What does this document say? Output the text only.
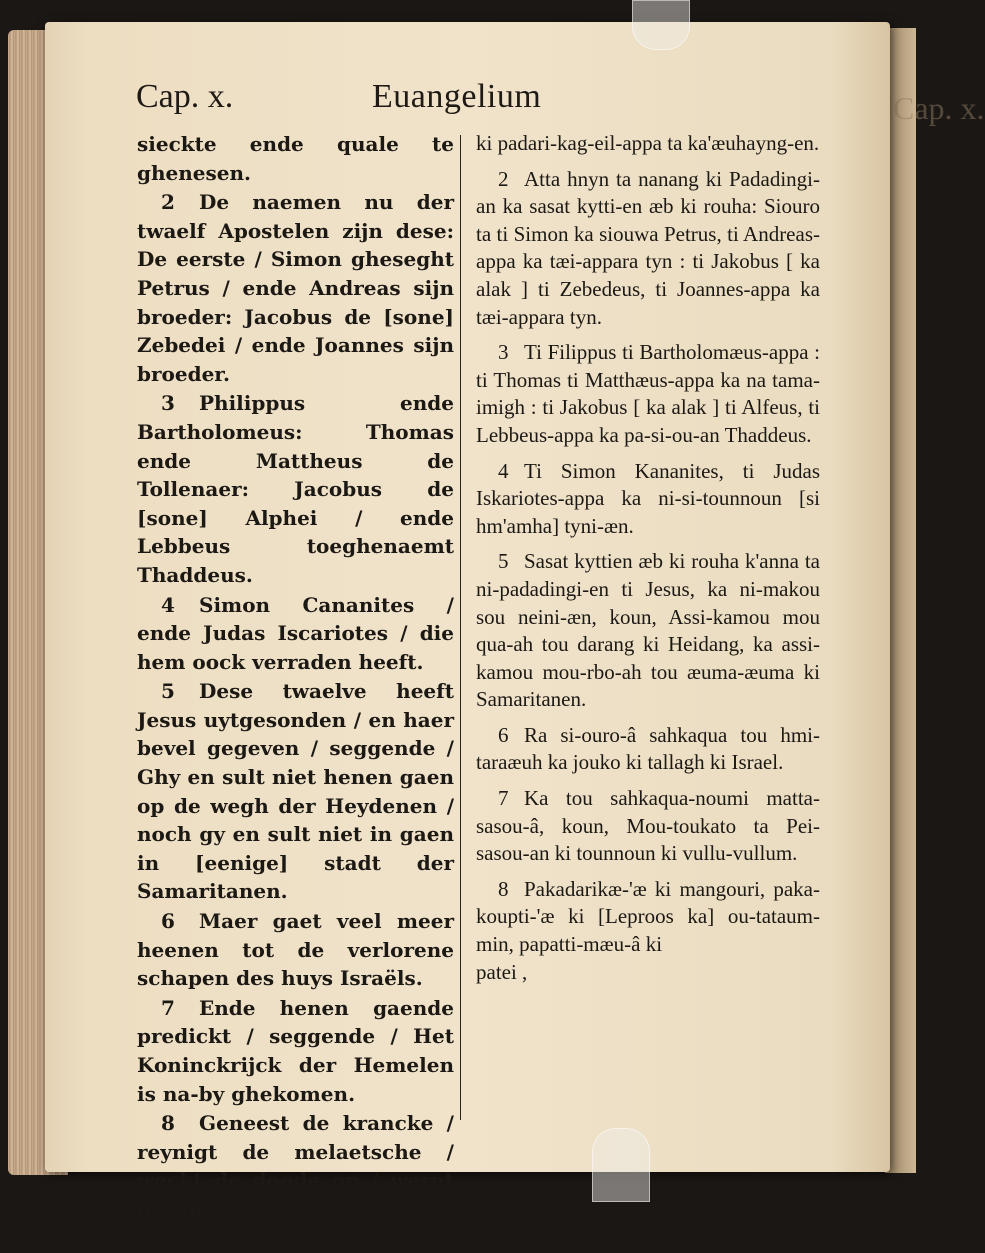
Cap. x.
Cap. x.	Euangelium

sieckte ende quale te ghenesen.

2 De naemen nu der twaelf Apostelen zijn dese: De eerste / Simon gheseght Petrus / ende Andreas sijn broeder: Jacobus de [sone] Zebedei / ende Joannes sijn broeder.

3 Philippus ende Bartholomeus: Thomas ende Mattheus de Tollenaer: Jacobus de [sone] Alphei / ende Lebbeus toeghenaemt Thaddeus.

4 Simon Cananites / ende Judas Iscariotes / die hem oock verraden heeft.

5 Dese twaelve heeft Jesus uytgesonden / en haer bevel gegeven / seggende / Ghy en sult niet henen gaen op de wegh der Heydenen / noch gy en sult niet in gaen in [eenige] stadt der Samaritanen.

6 Maer gaet veel meer heenen tot de verlorene schapen des huys Israëls.

7 Ende henen gaende predickt / seggende / Het Koninckrijck der Hemelen is na-by ghekomen.

8 Geneest de krancke / reynigt de melaetsche / weckt de doode op / werpt de Duy-
velen

ki padari-kag-eil-appa ta ka'æuhayng-en.

2 Atta hnyn ta nanang ki Padadingi-an ka sasat kytti-en æb ki rouha: Siouro ta ti Simon ka siouwa Petrus, ti Andreas-appa ka tæi-appara tyn : ti Jakobus [ ka alak ] ti Zebedeus, ti Joannes-appa ka tæi-appara tyn.

3 Ti Filippus ti Bartholomæus-appa : ti Thomas ti Matthæus-appa ka na tama-imigh : ti Jakobus [ ka alak ] ti Alfeus, ti Lebbeus-appa ka pa-si-ou-an Thaddeus.

4 Ti Simon Kananites, ti Judas Iskariotes-appa ka ni-si-tounnoun [si hm'amha] tyni-æn.

5 Sasat kyttien æb ki rouha k'anna ta ni-padadingi-en ti Jesus, ka ni-makou sou neini-æn, koun, Assi-kamou mou qua-ah tou darang ki Heidang, ka assi-kamou mou-rbo-ah tou æuma-æuma ki Samaritanen.

6 Ra si-ouro-â sahkaqua tou hmi-taraæuh ka jouko ki tallagh ki Israel.

7 Ka tou sahkaqua-noumi matta-sasou-â, koun, Mou-toukato ta Pei-sasou-an ki tounnoun ki vullu-vullum.

8 Pakadarikæ-'æ ki mangouri, paka-koupti-'æ ki [Leproos ka] ou-tataum-min, papatti-mæu-â ki
patei ,
